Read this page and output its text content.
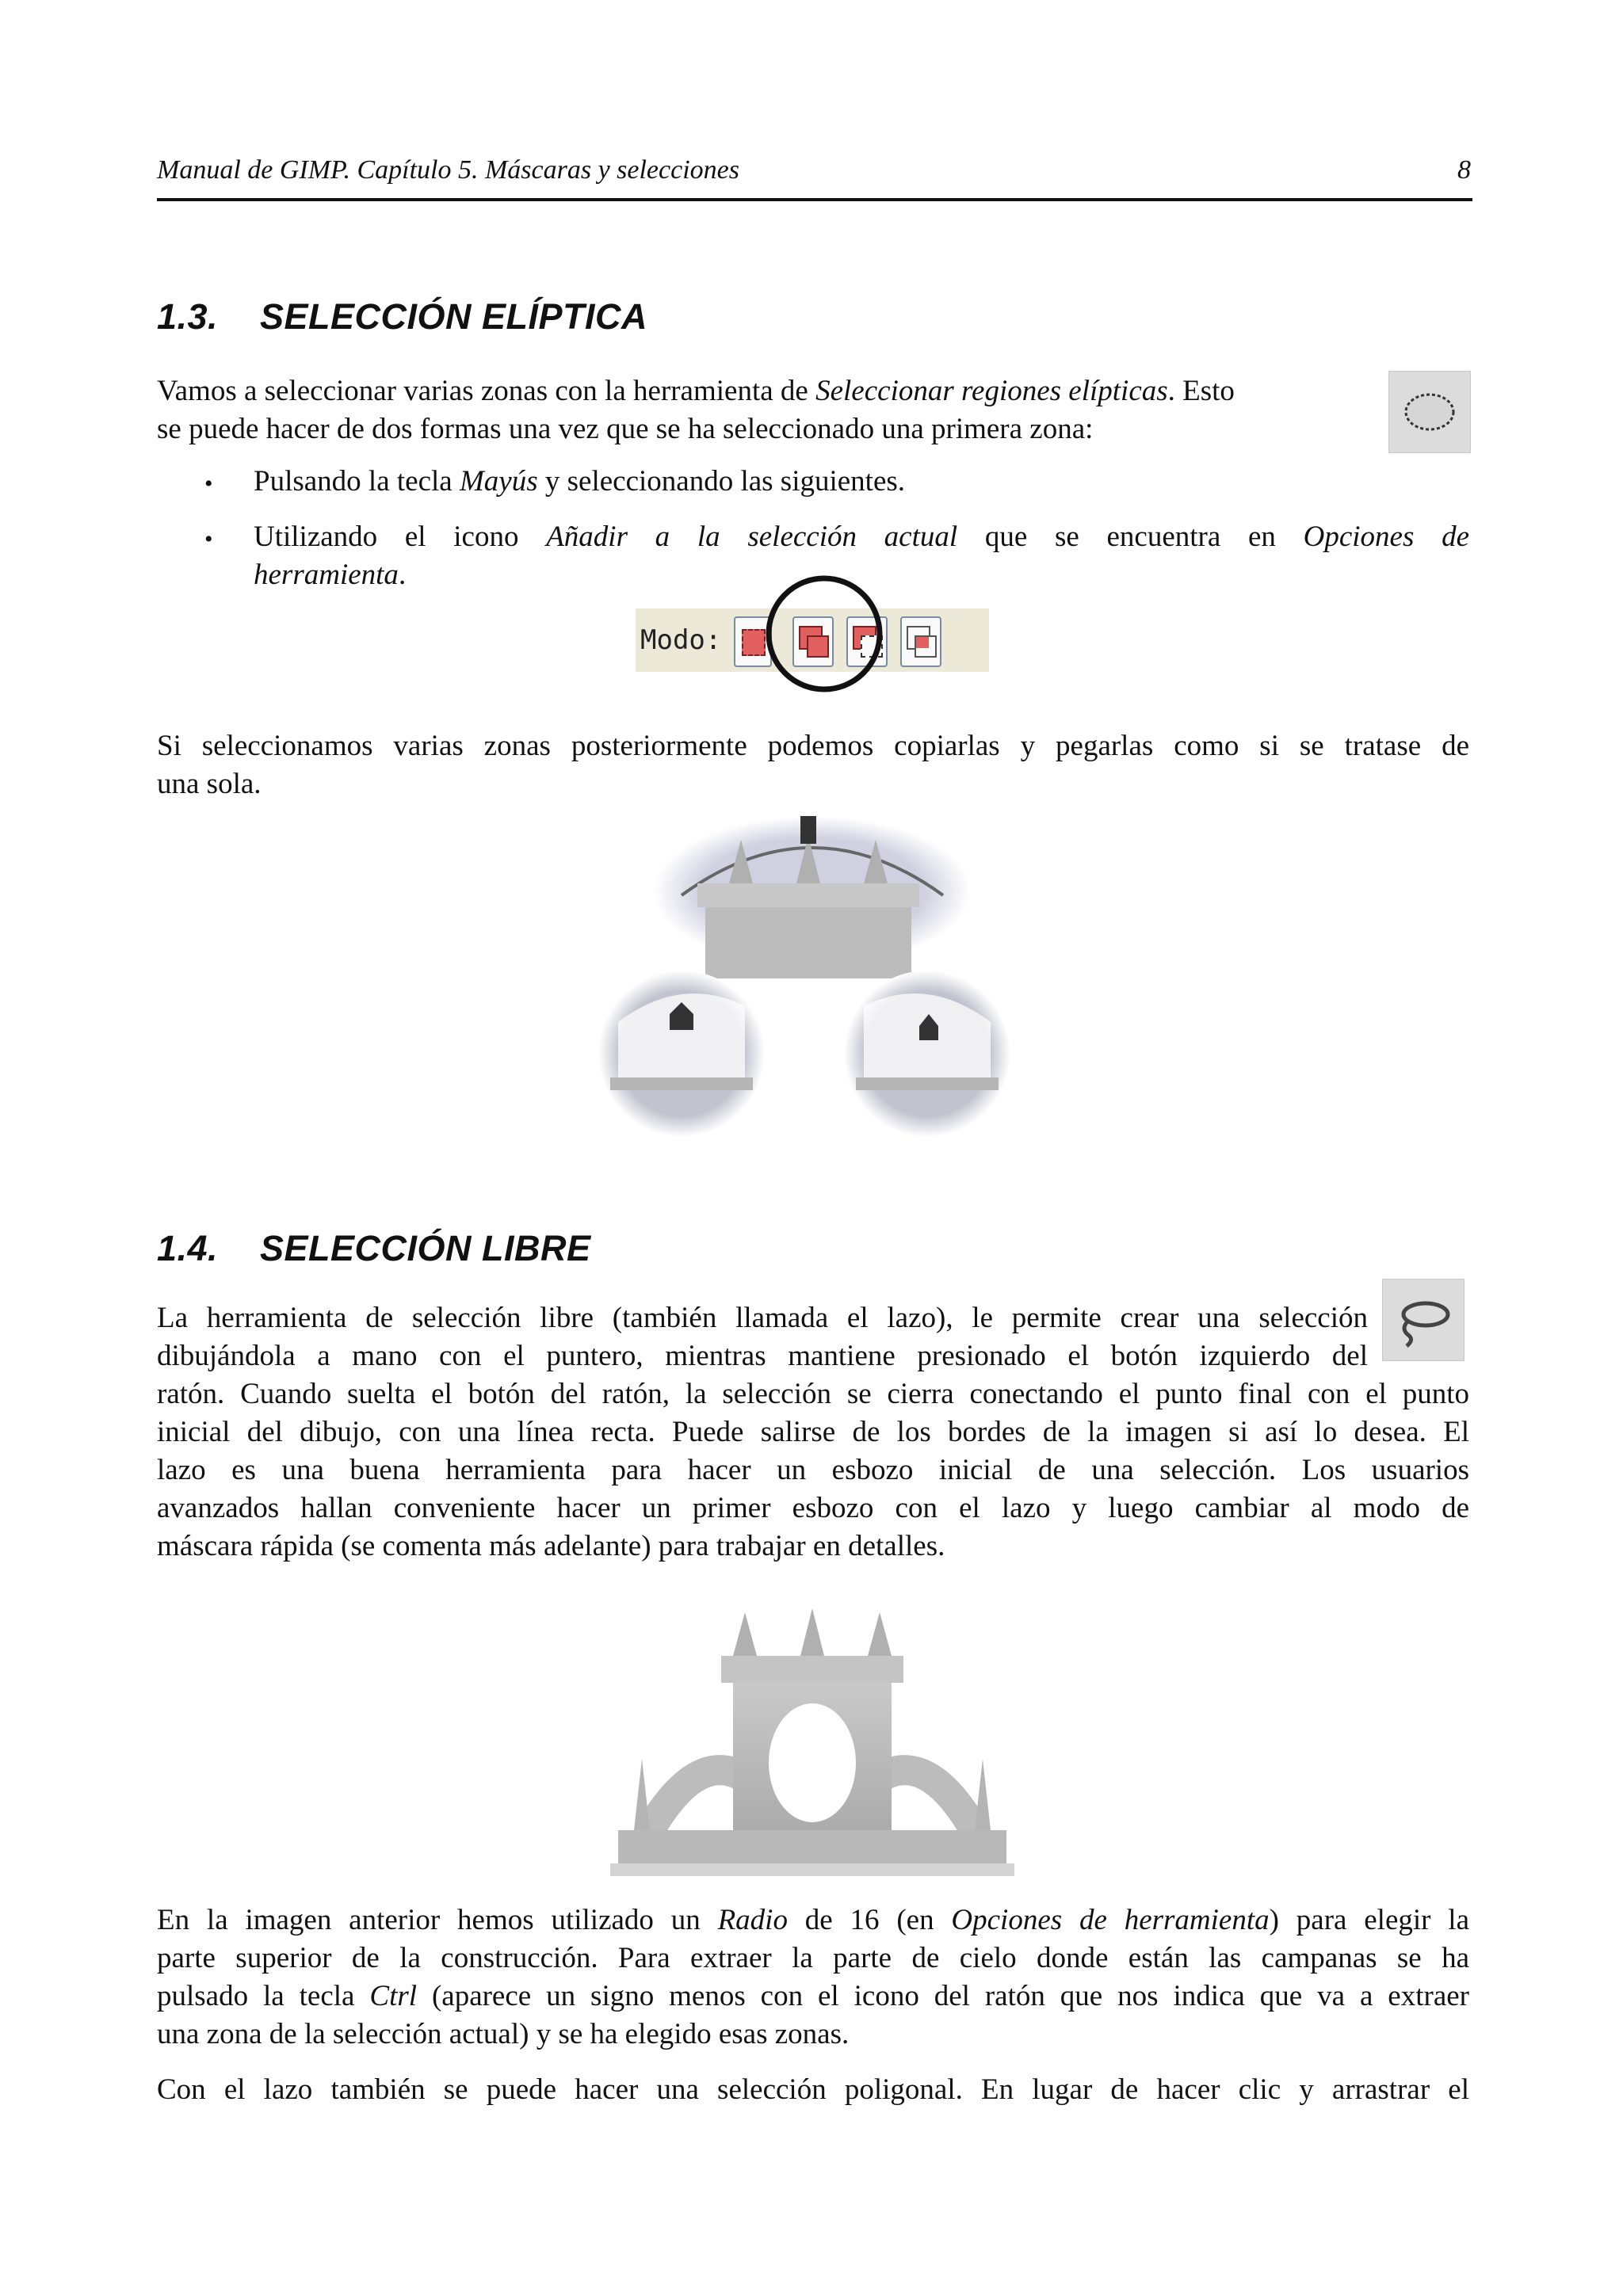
Manual de GIMP. Capítulo 5. Máscaras y selecciones	8
1.3. SELECCIÓN ELÍPTICA

Vamos a seleccionar varias zonas con la herramienta de Seleccionar regiones elípticas. Esto

se puede hacer de dos formas una vez que se ha seleccionado una primera zona:

• Pulsando la tecla Mayús y seleccionando las siguientes.

• Utilizando el icono Añadir a la selección actual que se encuentra en Opciones de

herramienta.

Modo:

Si seleccionamos varias zonas posteriormente podemos copiarlas y pegarlas como si se tratase de

una sola.

1.4. SELECCIÓN LIBRE

La herramienta de selección libre (también llamada el lazo), le permite crear una selección

dibujándola a mano con el puntero, mientras mantiene presionado el botón izquierdo del

ratón. Cuando suelta el botón del ratón, la selección se cierra conectando el punto final con el punto

inicial del dibujo, con una línea recta. Puede salirse de los bordes de la imagen si así lo desea. El

lazo es una buena herramienta para hacer un esbozo inicial de una selección. Los usuarios

avanzados hallan conveniente hacer un primer esbozo con el lazo y luego cambiar al modo de

máscara rápida (se comenta más adelante) para trabajar en detalles.

En la imagen anterior hemos utilizado un Radio de 16 (en Opciones de herramienta) para elegir la

parte superior de la construcción. Para extraer la parte de cielo donde están las campanas se ha

pulsado la tecla Ctrl (aparece un signo menos con el icono del ratón que nos indica que va a extraer

una zona de la selección actual) y se ha elegido esas zonas.

Con el lazo también se puede hacer una selección poligonal. En lugar de hacer clic y arrastrar el
